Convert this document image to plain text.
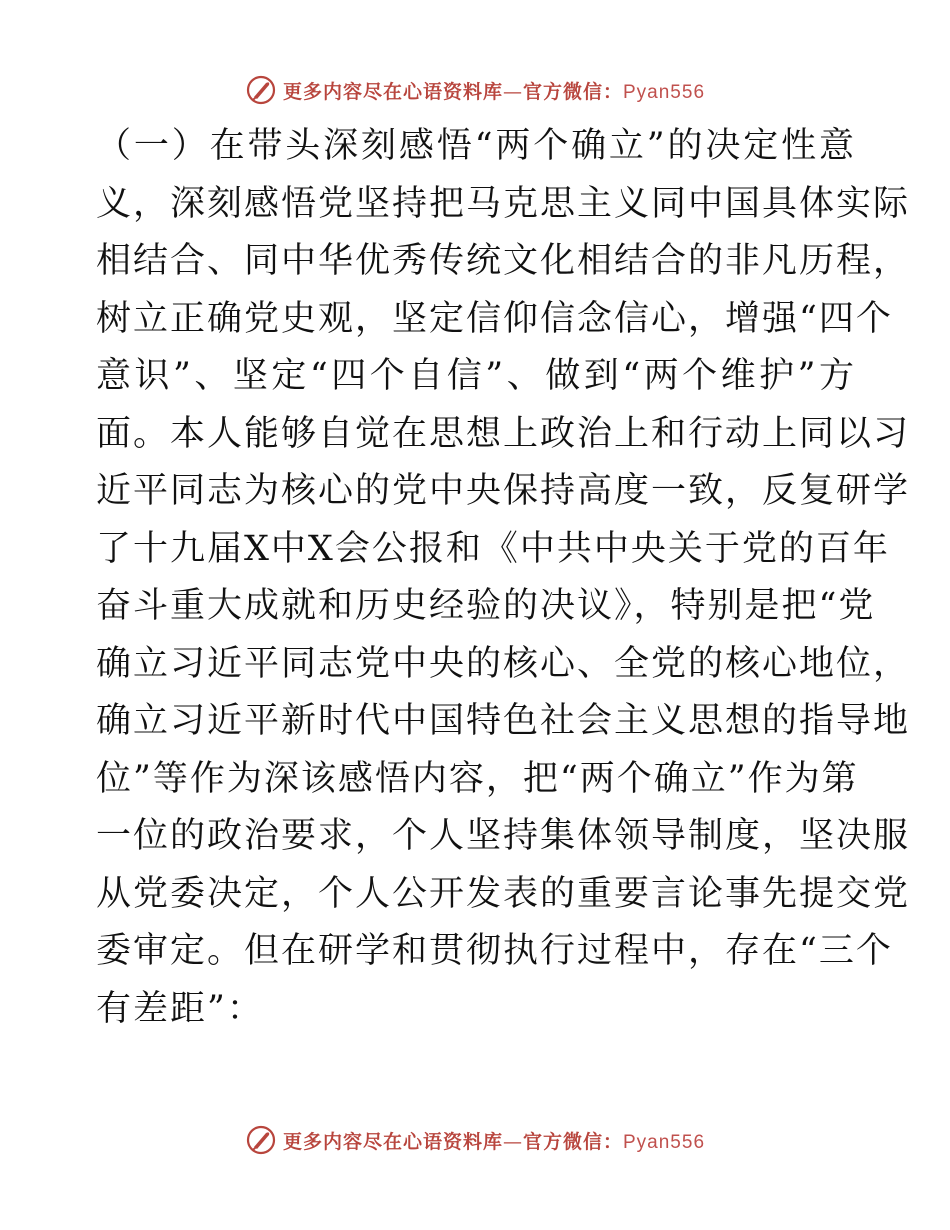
更多内容尽在心语资料库—官方微信：Pyan556
（一）在带头深刻感悟“两个确立”的决定性意
义，深刻感悟党坚持把马克思主义同中国具体实际
相结合、同中华优秀传统文化相结合的非凡历程，
树立正确党史观，坚定信仰信念信心，增强“四个
意识”、坚定“四个自信”、做到“两个维护”方
面。本人能够自觉在思想上政治上和行动上同以习
近平同志为核心的党中央保持高度一致，反复研学
了十九届X中X会公报和《中共中央关于党的百年
奋斗重大成就和历史经验的决议》，特别是把“党
确立习近平同志党中央的核心、全党的核心地位，
确立习近平新时代中国特色社会主义思想的指导地
位”等作为深该感悟内容，把“两个确立”作为第
一位的政治要求，个人坚持集体领导制度，坚决服
从党委决定，个人公开发表的重要言论事先提交党
委审定。但在研学和贯彻执行过程中，存在“三个
有差距”：
更多内容尽在心语资料库—官方微信：Pyan556
